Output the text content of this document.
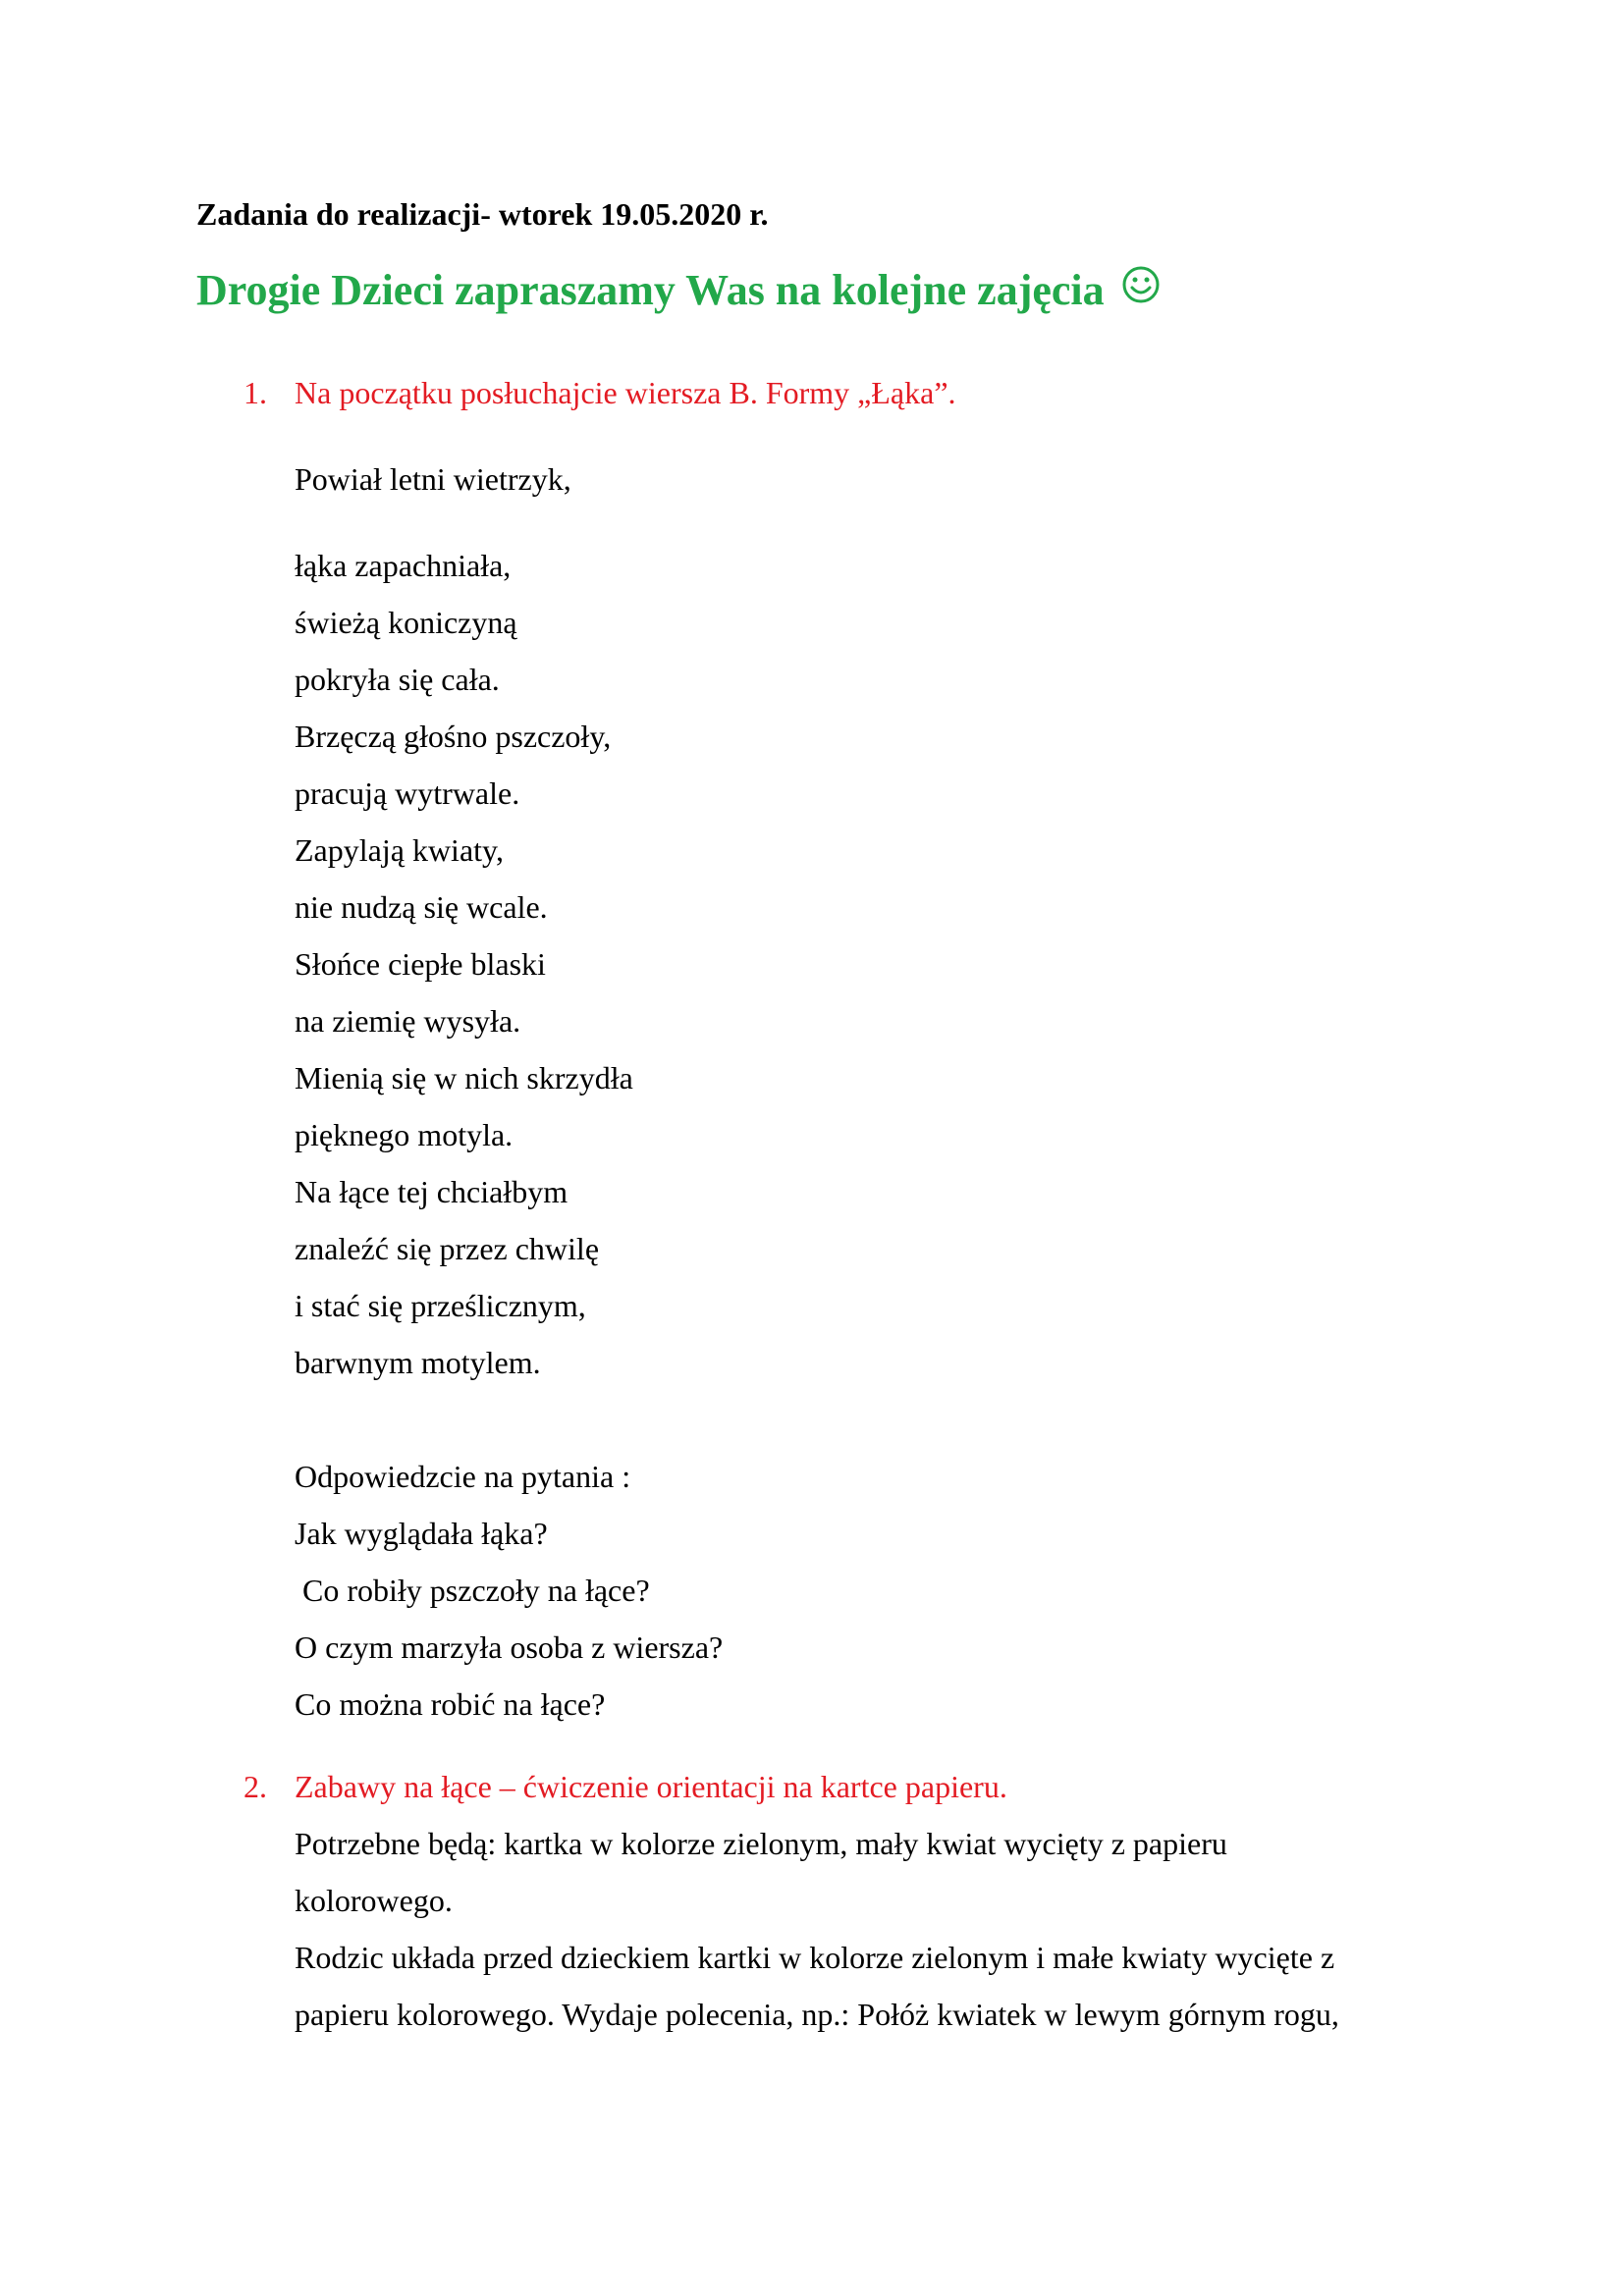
Zadania do realizacji- wtorek 19.05.2020 r.
Drogie Dzieci zapraszamy Was na kolejne zajęcia
1. Na początku posłuchajcie wiersza B. Formy „Łąka”.
Powiał letni wietrzyk,
łąka zapachniała,
świeżą koniczyną
pokryła się cała.
Brzęczą głośno pszczoły,
pracują wytrwale.
Zapylają kwiaty,
nie nudzą się wcale.
Słońce ciepłe blaski
na ziemię wysyła.
Mienią się w nich skrzydła
pięknego motyla.
Na łące tej chciałbym
znaleźć się przez chwilę
i stać się prześlicznym,
barwnym motylem.
Odpowiedzcie na pytania :
Jak wyglądała łąka?
Co robiły pszczoły na łące?
O czym marzyła osoba z wiersza?
Co można robić na łące?
2. Zabawy na łące – ćwiczenie orientacji na kartce papieru.
Potrzebne będą: kartka w kolorze zielonym, mały kwiat wycięty z papieru
kolorowego.
Rodzic układa przed dzieckiem kartki w kolorze zielonym i małe kwiaty wycięte z
papieru kolorowego. Wydaje polecenia, np.: Połóż kwiatek w lewym górnym rogu,
